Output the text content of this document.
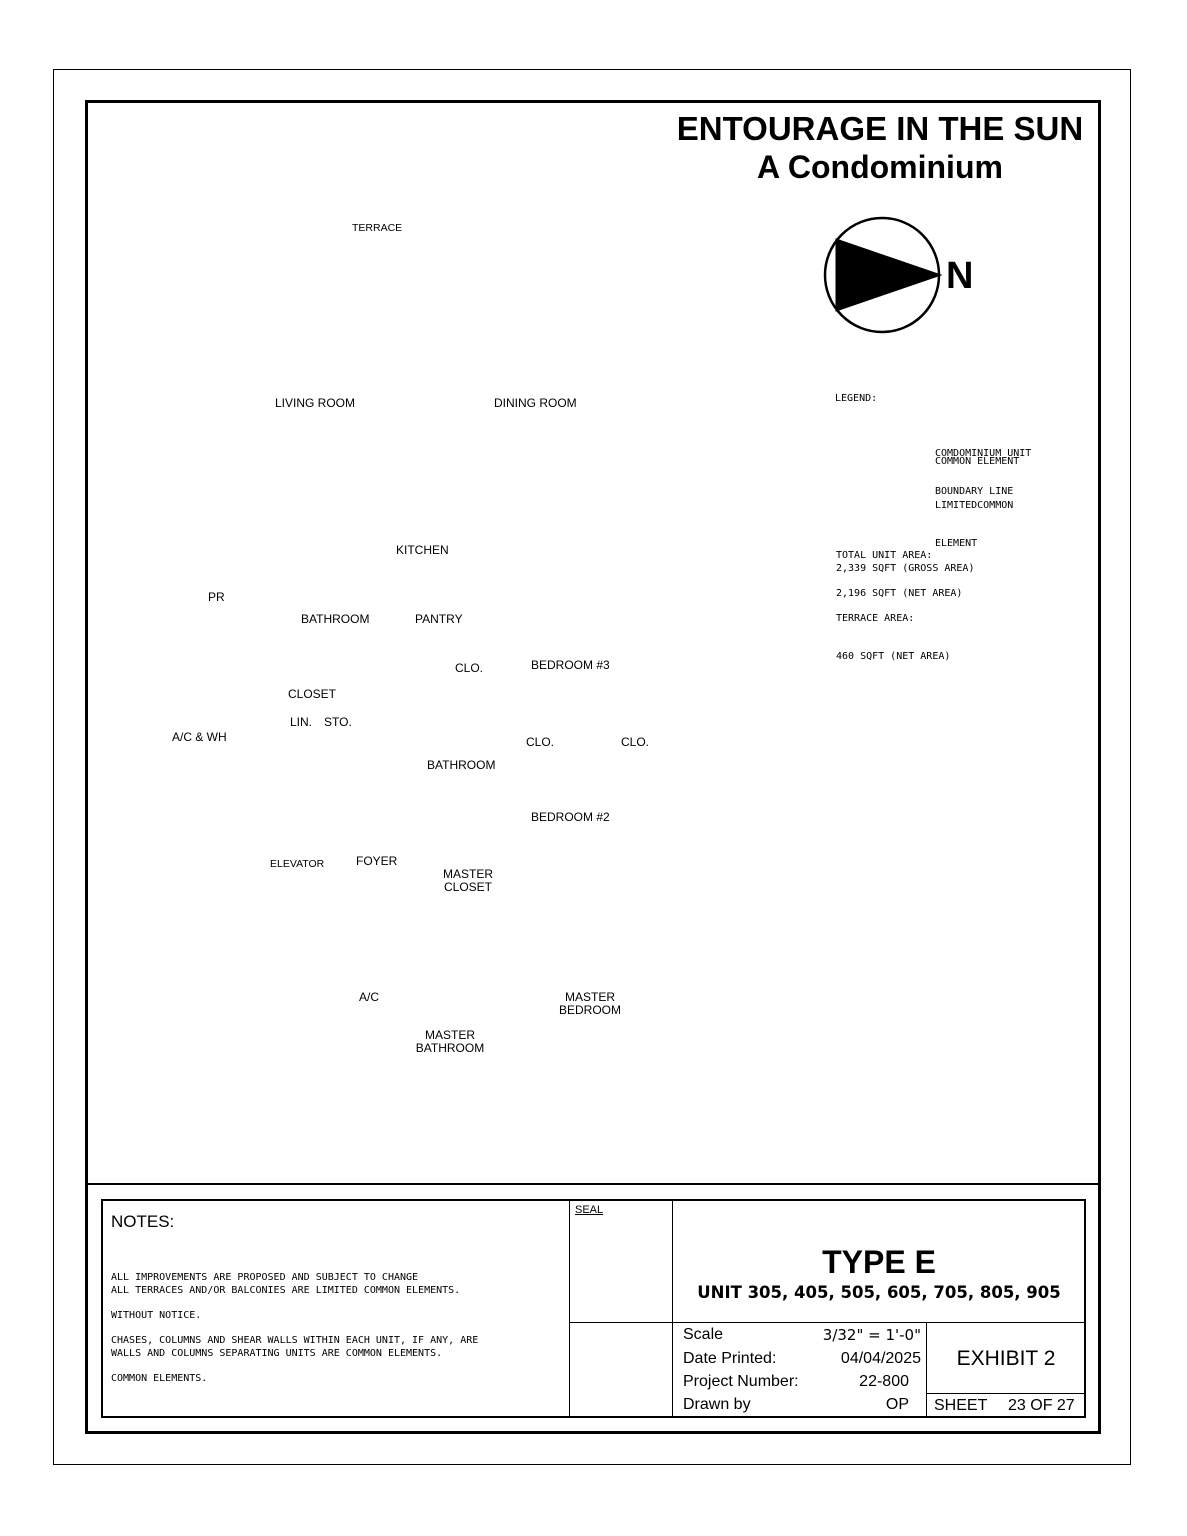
ENTOURAGE IN THE SUN
A Condominium
N
TERRACE
LIVING ROOM	DINING ROOM
KITCHEN
PR
BATHROOM	PANTRY
CLO.	BEDROOM #3
CLOSET
LIN. STO.
A/C & WH	CLO.	CLO.
BATHROOM
BEDROOM #2
ELEVATOR	FOYER
MASTER
CLOSET
A/C	MASTER
BEDROOM
MASTER
BATHROOM
LEGEND:

COMDOMINIUM UNIT

BOUNDARY LINE

COMMON ELEMENT

LIMITEDCOMMON

ELEMENT

TOTAL UNIT AREA:

2,196 SQFT (NET AREA)

2,339 SQFT (GROSS AREA)

TERRACE AREA:

460 SQFT (NET AREA)

NOTES:

ALL IMPROVEMENTS ARE PROPOSED AND SUBJECT TO CHANGE

WITHOUT NOTICE.

ALL TERRACES AND/OR BALCONIES ARE LIMITED COMMON ELEMENTS.

CHASES, COLUMNS AND SHEAR WALLS WITHIN EACH UNIT, IF ANY, ARE

COMMON ELEMENTS.

WALLS AND COLUMNS SEPARATING UNITS ARE COMMON ELEMENTS.
SEAL
TYPE E
UNIT 305, 405, 505, 605, 705, 805, 905
Scale	3/32" = 1'-0"
Date Printed:	04/04/2025
Project Number:	22-800
Drawn by	OP
EXHIBIT 2
SHEET 23 OF 27
